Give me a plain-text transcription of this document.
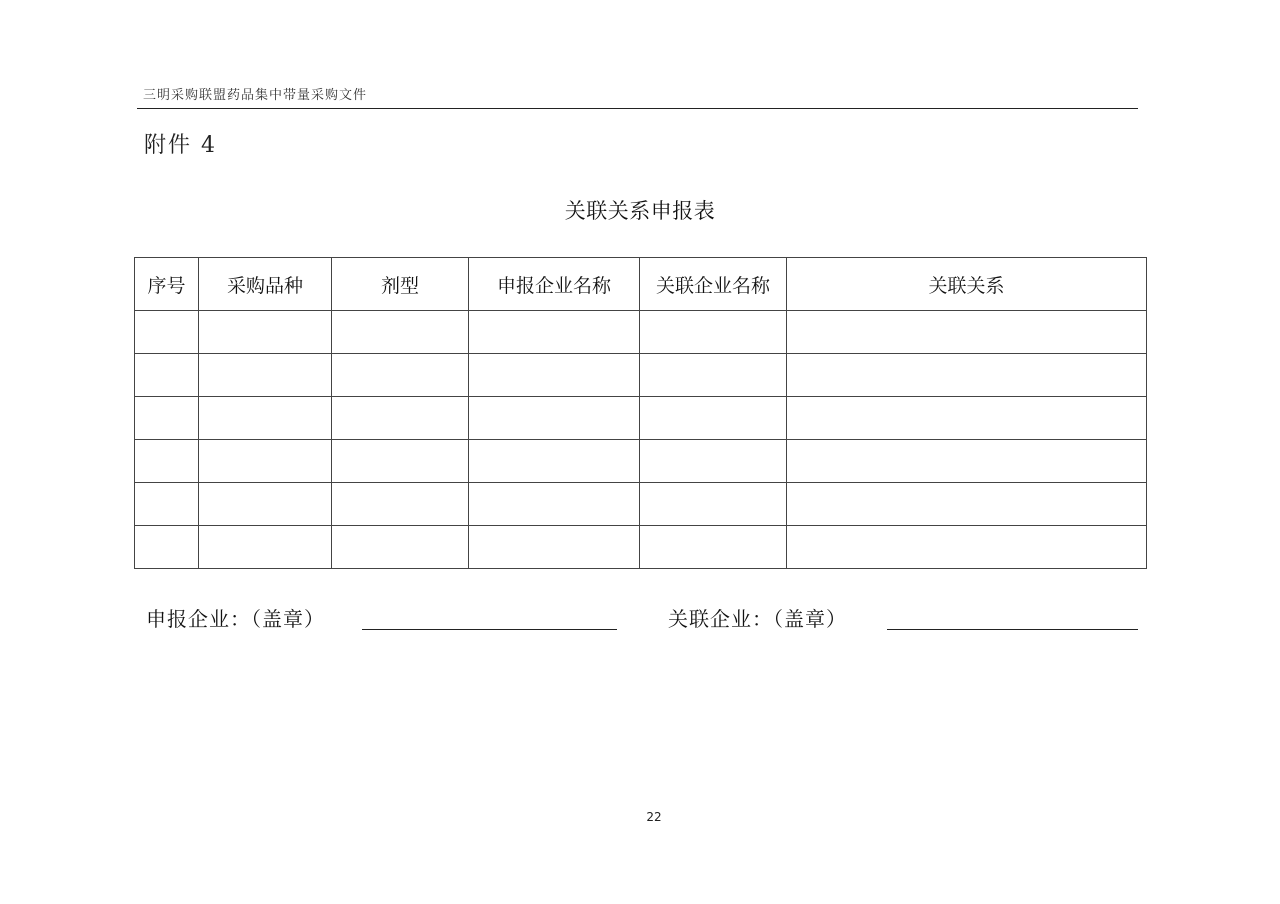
三明采购联盟药品集中带量采购文件
附件 4
关联关系申报表
序号	采购品种	剂型	申报企业名称	关联企业名称	关联关系

申报企业：（盖章）	关联企业：（盖章）
22
